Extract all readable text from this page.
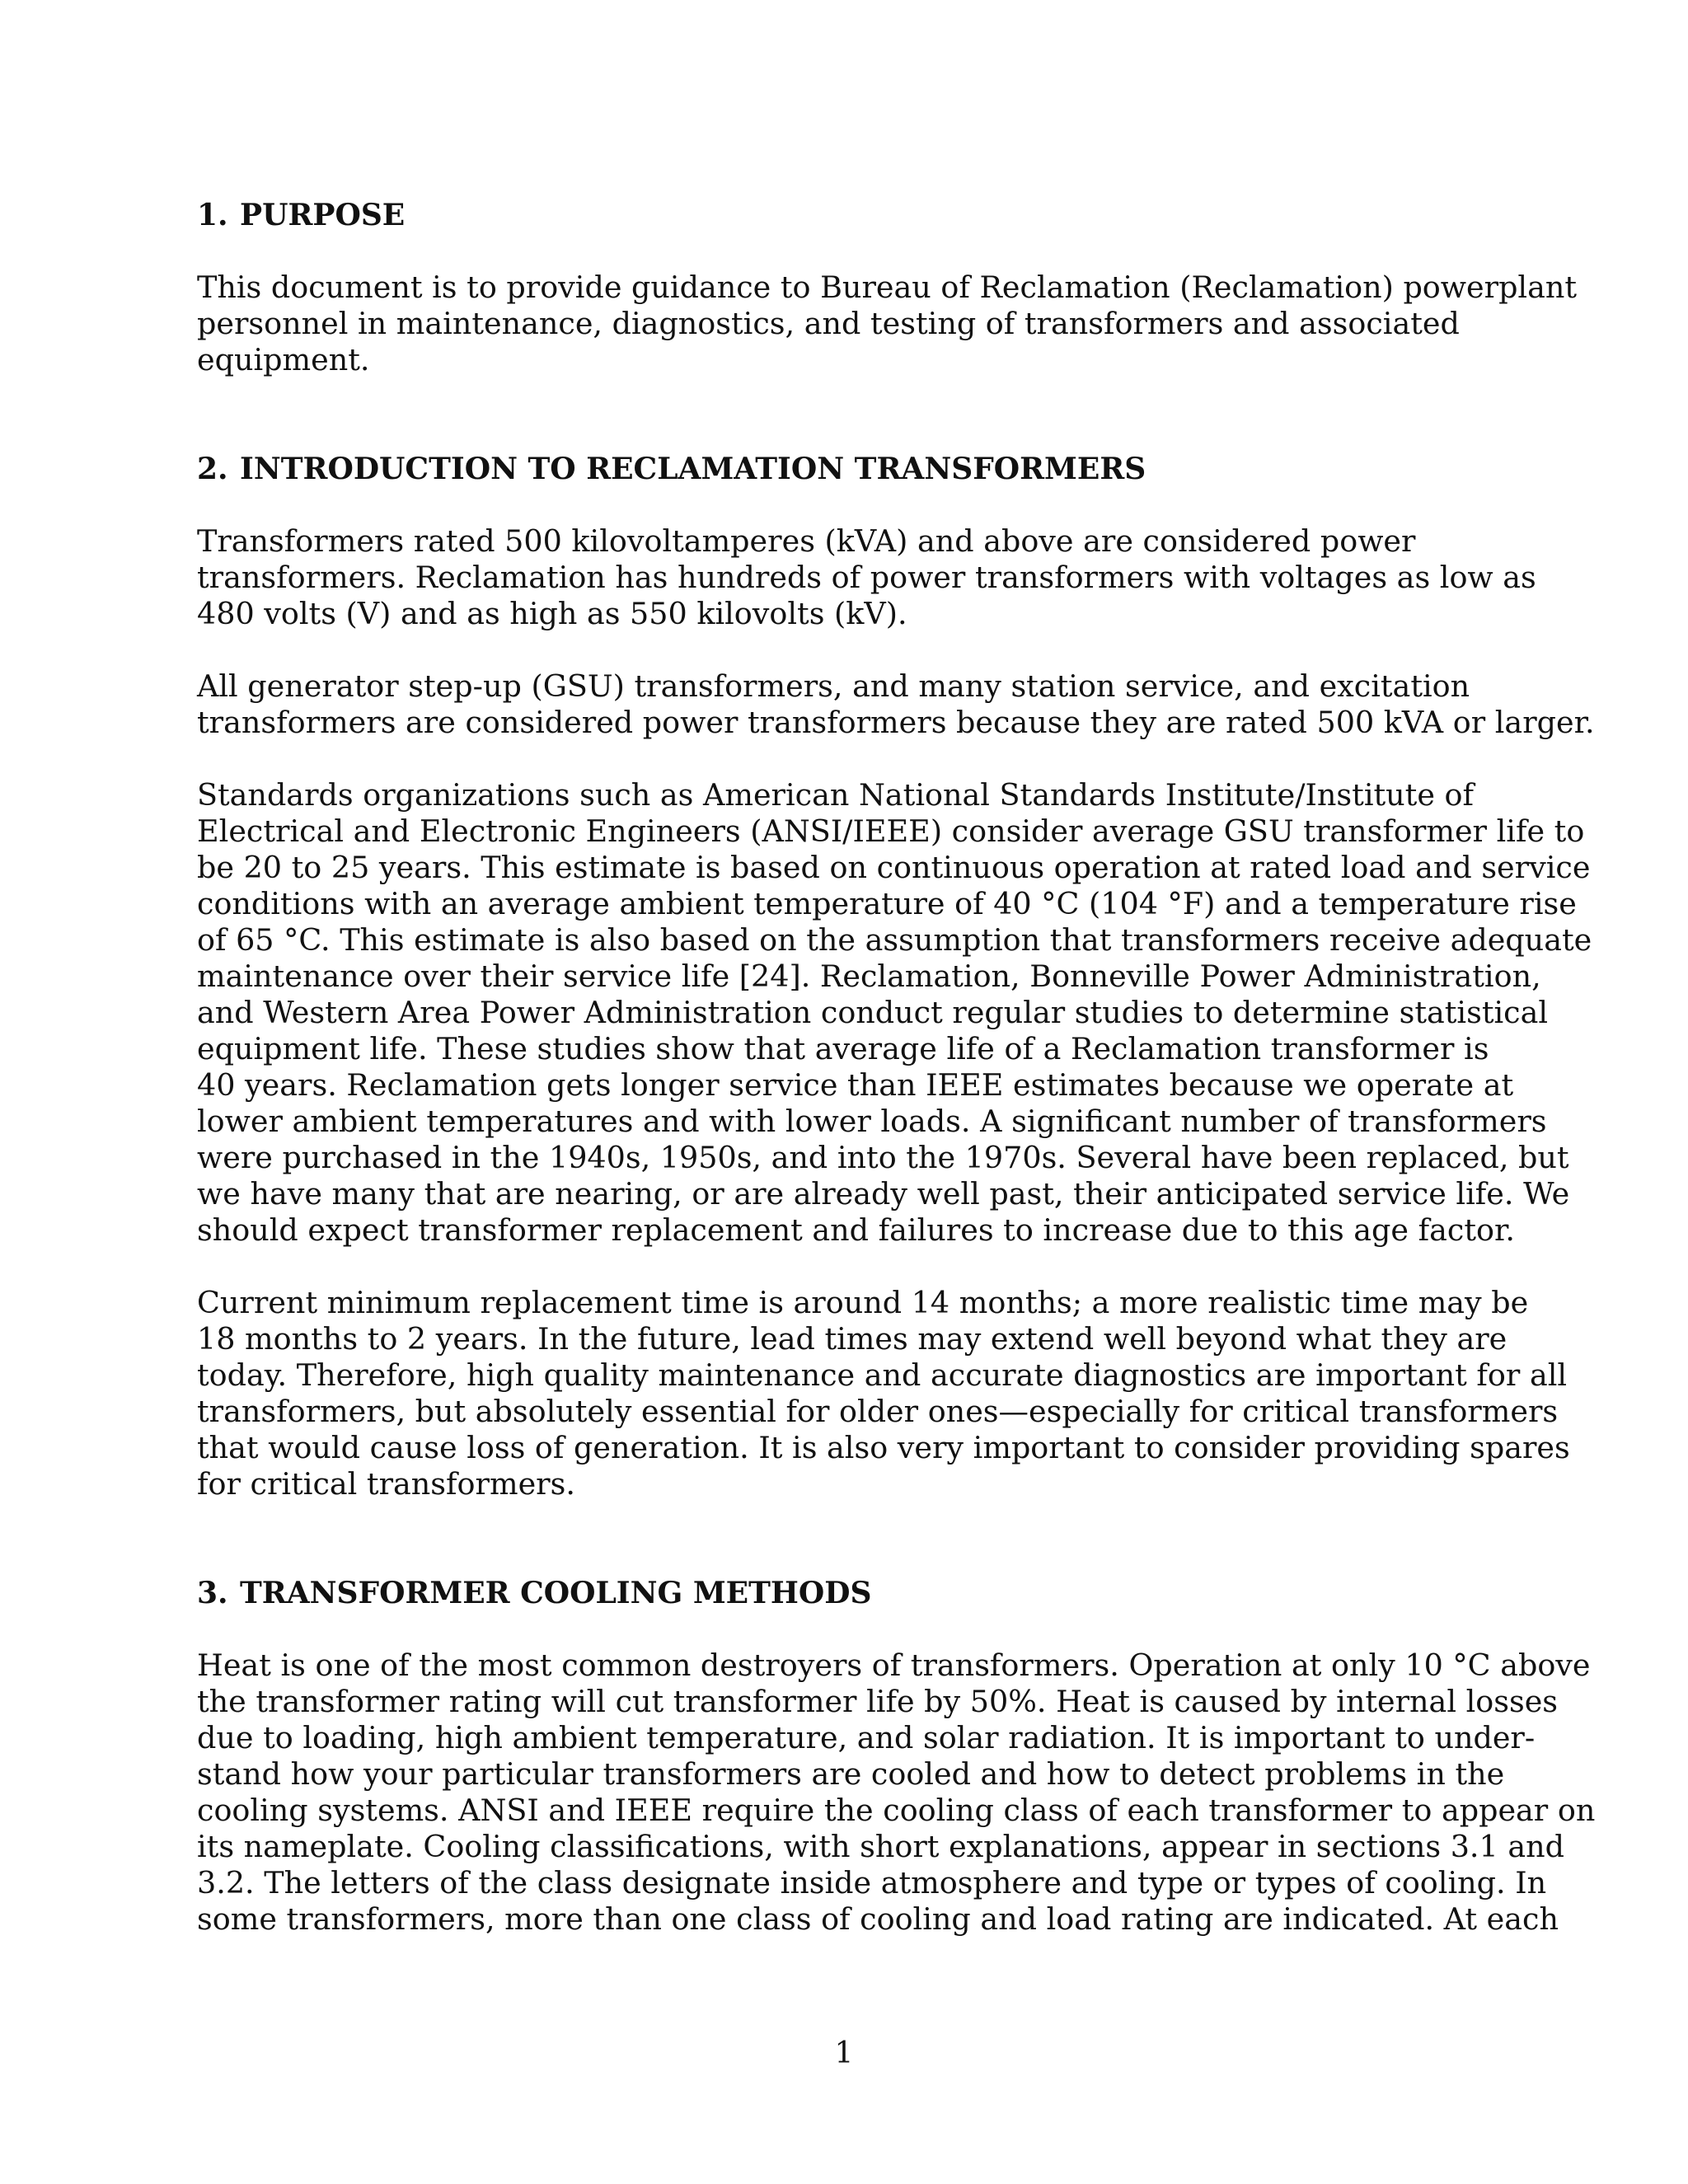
1. PURPOSE

This document is to provide guidance to Bureau of Reclamation (Reclamation) powerplant

personnel in maintenance, diagnostics, and testing of transformers and associated

equipment.

2. INTRODUCTION TO RECLAMATION TRANSFORMERS

Transformers rated 500 kilovoltamperes (kVA) and above are considered power

transformers. Reclamation has hundreds of power transformers with voltages as low as

480 volts (V) and as high as 550 kilovolts (kV).

All generator step-up (GSU) transformers, and many station service, and excitation

transformers are considered power transformers because they are rated 500 kVA or larger.

Standards organizations such as American National Standards Institute/Institute of

Electrical and Electronic Engineers (ANSI/IEEE) consider average GSU transformer life to

be 20 to 25 years. This estimate is based on continuous operation at rated load and service

conditions with an average ambient temperature of 40 °C (104 °F) and a temperature rise

of 65 °C. This estimate is also based on the assumption that transformers receive adequate

maintenance over their service life [24]. Reclamation, Bonneville Power Administration,

and Western Area Power Administration conduct regular studies to determine statistical

equipment life. These studies show that average life of a Reclamation transformer is

40 years. Reclamation gets longer service than IEEE estimates because we operate at

lower ambient temperatures and with lower loads. A significant number of transformers

were purchased in the 1940s, 1950s, and into the 1970s. Several have been replaced, but

we have many that are nearing, or are already well past, their anticipated service life. We

should expect transformer replacement and failures to increase due to this age factor.

Current minimum replacement time is around 14 months; a more realistic time may be

18 months to 2 years. In the future, lead times may extend well beyond what they are

today. Therefore, high quality maintenance and accurate diagnostics are important for all

transformers, but absolutely essential for older ones—especially for critical transformers

that would cause loss of generation. It is also very important to consider providing spares

for critical transformers.

3. TRANSFORMER COOLING METHODS

Heat is one of the most common destroyers of transformers. Operation at only 10 °C above

the transformer rating will cut transformer life by 50%. Heat is caused by internal losses

due to loading, high ambient temperature, and solar radiation. It is important to under-

stand how your particular transformers are cooled and how to detect problems in the

cooling systems. ANSI and IEEE require the cooling class of each transformer to appear on

its nameplate. Cooling classifications, with short explanations, appear in sections 3.1 and

3.2. The letters of the class designate inside atmosphere and type or types of cooling. In

some transformers, more than one class of cooling and load rating are indicated. At each

1
